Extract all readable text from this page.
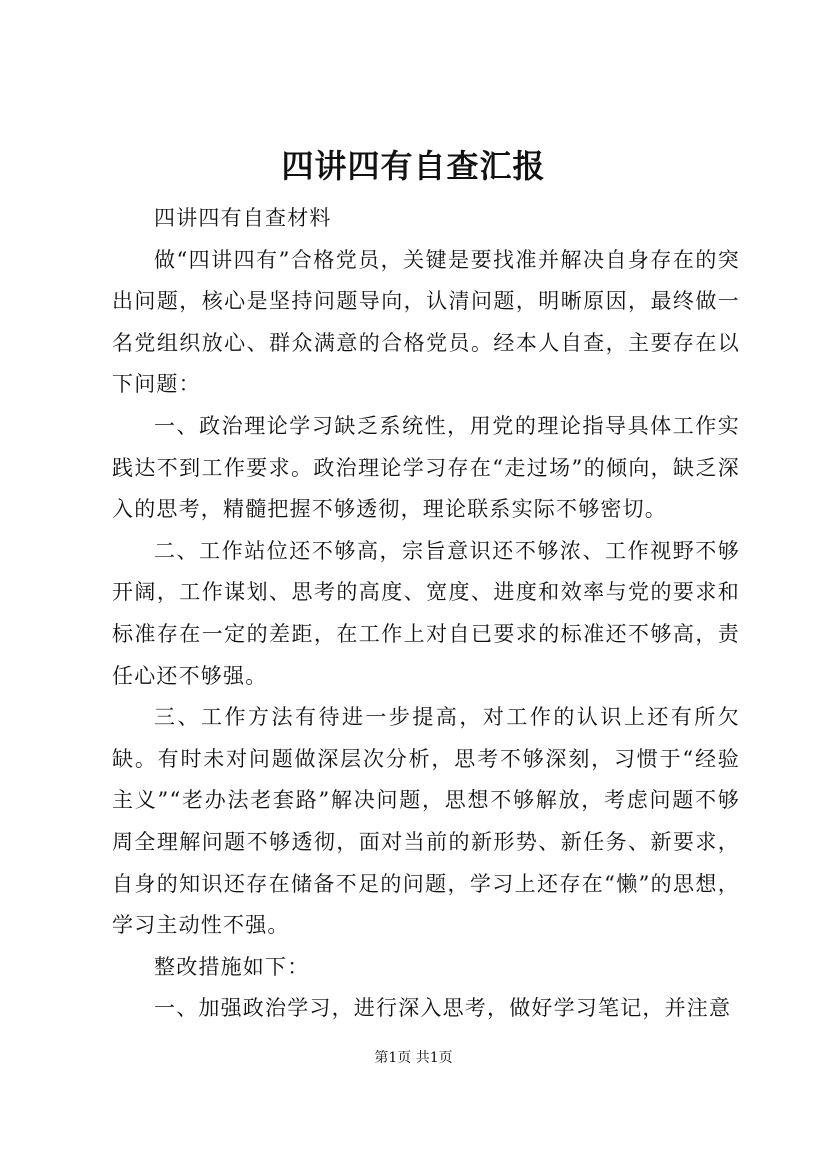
四讲四有自查汇报

四讲四有自查材料

做“四讲四有”合格党员，关键是要找准并解决自身存在的突出问题，核心是坚持问题导向，认清问题，明晰原因，最终做一名党组织放心、群众满意的合格党员。经本人自查，主要存在以下问题：

一、政治理论学习缺乏系统性，用党的理论指导具体工作实践达不到工作要求。政治理论学习存在“走过场”的倾向，缺乏深入的思考，精髓把握不够透彻，理论联系实际不够密切。

二、工作站位还不够高，宗旨意识还不够浓、工作视野不够开阔，工作谋划、思考的高度、宽度、进度和效率与党的要求和标准存在一定的差距，在工作上对自已要求的标准还不够高，责任心还不够强。

三、工作方法有待进一步提高，对工作的认识上还有所欠缺。有时未对问题做深层次分析，思考不够深刻，习惯于“经验主义”“老办法老套路”解决问题，思想不够解放，考虑问题不够周全理解问题不够透彻，面对当前的新形势、新任务、新要求，自身的知识还存在储备不足的问题，学习上还存在“懒”的思想，学习主动性不强。

整改措施如下：

一、加强政治学习，进行深入思考，做好学习笔记，并注意

第1页 共1页
